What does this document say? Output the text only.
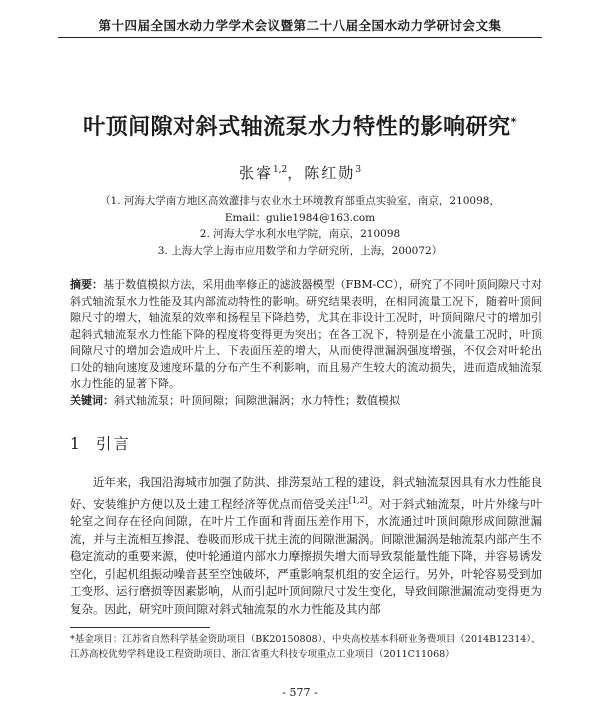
第十四届全国水动力学学术会议暨第二十八届全国水动力学研讨会文集
叶顶间隙对斜式轴流泵水力特性的影响研究*
张睿$^{1,2}$，陈红勋$^3$
（1. 河海大学南方地区高效灌排与农业水土环境教育部重点实验室，南京，210098，
Email：gulie1984@163.com
2. 河海大学水利水电学院，南京，210098
3. 上海大学上海市应用数学和力学研究所，上海，200072）
摘要：基于数值模拟方法，采用曲率修正的滤波器模型（FBM-CC），研究了不同叶顶间隙尺寸对斜式轴流泵水力性能及其内部流动特性的影响。研究结果表明，在相同流量工况下，随着叶顶间隙尺寸的增大，轴流泵的效率和扬程呈下降趋势，尤其在非设计工况时，叶顶间隙尺寸的增加引起斜式轴流泵水力性能下降的程度将变得更为突出；在各工况下，特别是在小流量工况时，叶顶间隙尺寸的增加会造成叶片上、下表面压差的增大，从而使得泄漏涡强度增强，不仅会对叶轮出口处的轴向速度及速度环量的分布产生不利影响，而且易产生较大的流动损失，进而造成轴流泵水力性能的显著下降。
关键词：斜式轴流泵；叶顶间隙；间隙泄漏涡；水力特性；数值模拟
1 引言
近年来，我国沿海城市加强了防洪、排涝泵站工程的建设，斜式轴流泵因具有水力性能良好、安装维护方便以及土建工程经济等优点而倍受关注[1,2]。对于斜式轴流泵，叶片外缘与叶轮室之间存在径向间隙，在叶片工作面和背面压差作用下，水流通过叶顶间隙形成间隙泄漏流，并与主流相互掺混、卷吸而形成干扰主流的间隙泄漏涡。间隙泄漏涡是轴流泵内部产生不稳定流动的重要来源，使叶轮通道内部水力摩擦损失增大而导致泵能量性能下降，并容易诱发空化，引起机组振动噪音甚至空蚀破坏，严重影响泵机组的安全运行。另外，叶轮容易受到加工变形、运行磨损等因素影响，从而引起叶顶间隙尺寸发生变化，导致间隙泄漏流动变得更为复杂。因此，研究叶顶间隙对斜式轴流泵的水力性能及其内部
*基金项目：江苏省自然科学基金资助项目（BK20150808）、中央高校基本科研业务费项目（2014B12314）、江苏高校优势学科建设工程资助项目、浙江省重大科技专项重点工业项目（2011C11068）
- 577 -
